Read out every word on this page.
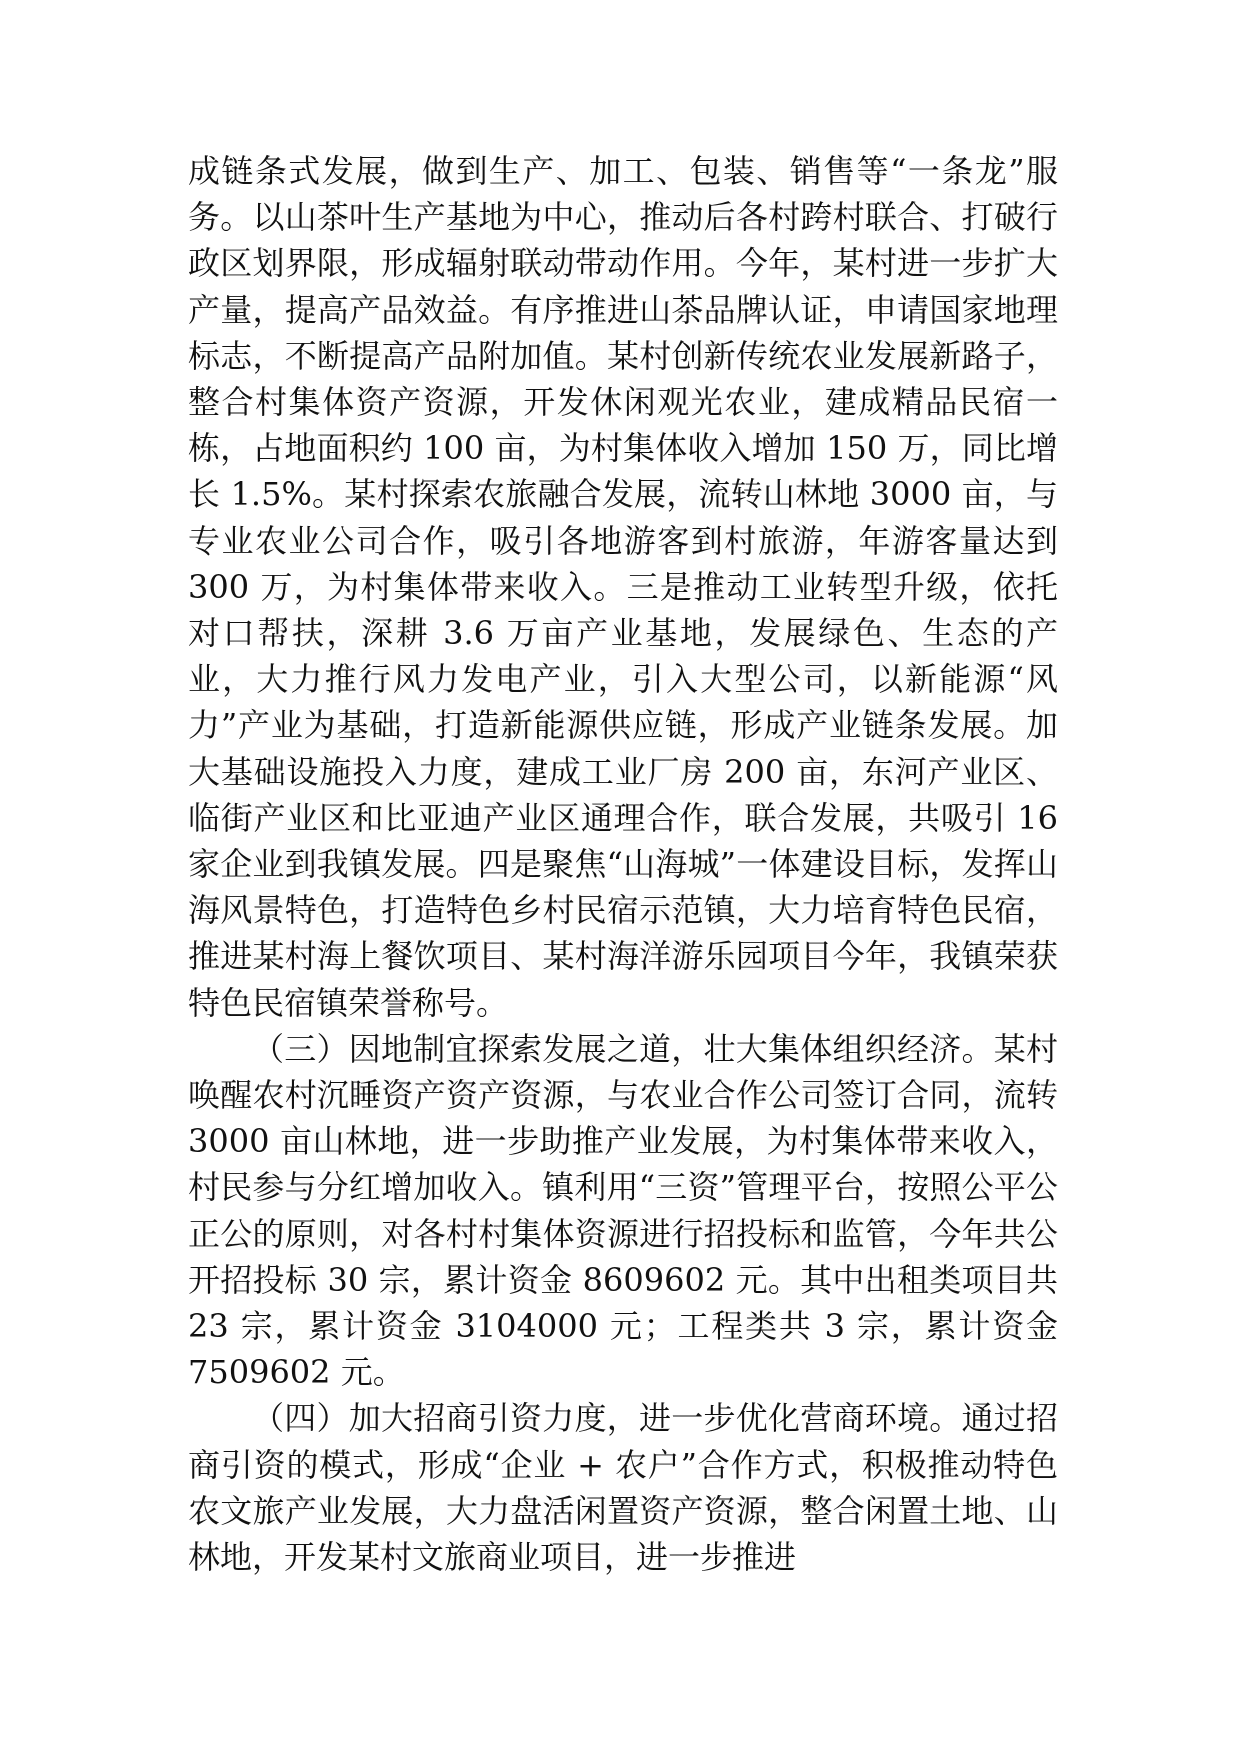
成链条式发展，做到生产、加工、包装、销售等“一条龙”服务。以山茶叶生产基地为中心，推动后各村跨村联合、打破行政区划界限，形成辐射联动带动作用。今年，某村进一步扩大产量，提高产品效益。有序推进山茶品牌认证，申请国家地理标志，不断提高产品附加值。某村创新传统农业发展新路子，整合村集体资产资源，开发休闲观光农业，建成精品民宿一栋，占地面积约 100 亩，为村集体收入增加 150 万，同比增长 1.5%。某村探索农旅融合发展，流转山林地 3000 亩，与专业农业公司合作，吸引各地游客到村旅游，年游客量达到 300 万，为村集体带来收入。三是推动工业转型升级，依托对口帮扶，深耕 3.6 万亩产业基地，发展绿色、生态的产业，大力推行风力发电产业，引入大型公司，以新能源“风力”产业为基础，打造新能源供应链，形成产业链条发展。加大基础设施投入力度，建成工业厂房 200 亩，东河产业区、临街产业区和比亚迪产业区通理合作，联合发展，共吸引 16 家企业到我镇发展。四是聚焦“山海城”一体建设目标，发挥山海风景特色，打造特色乡村民宿示范镇，大力培育特色民宿，推进某村海上餐饮项目、某村海洋游乐园项目今年，我镇荣获特色民宿镇荣誉称号。

（三）因地制宜探索发展之道，壮大集体组织经济。某村唤醒农村沉睡资产资产资源，与农业合作公司签订合同，流转 3000 亩山林地，进一步助推产业发展，为村集体带来收入，村民参与分红增加收入。镇利用“三资”管理平台，按照公平公正公的原则，对各村村集体资源进行招投标和监管，今年共公开招投标 30 宗，累计资金 8609602 元。其中出租类项目共 23 宗，累计资金 3104000 元；工程类共 3 宗，累计资金 7509602 元。

（四）加大招商引资力度，进一步优化营商环境。通过招商引资的模式，形成“企业 + 农户”合作方式，积极推动特色农文旅产业发展，大力盘活闲置资产资源，整合闲置土地、山林地，开发某村文旅商业项目，进一步推进
